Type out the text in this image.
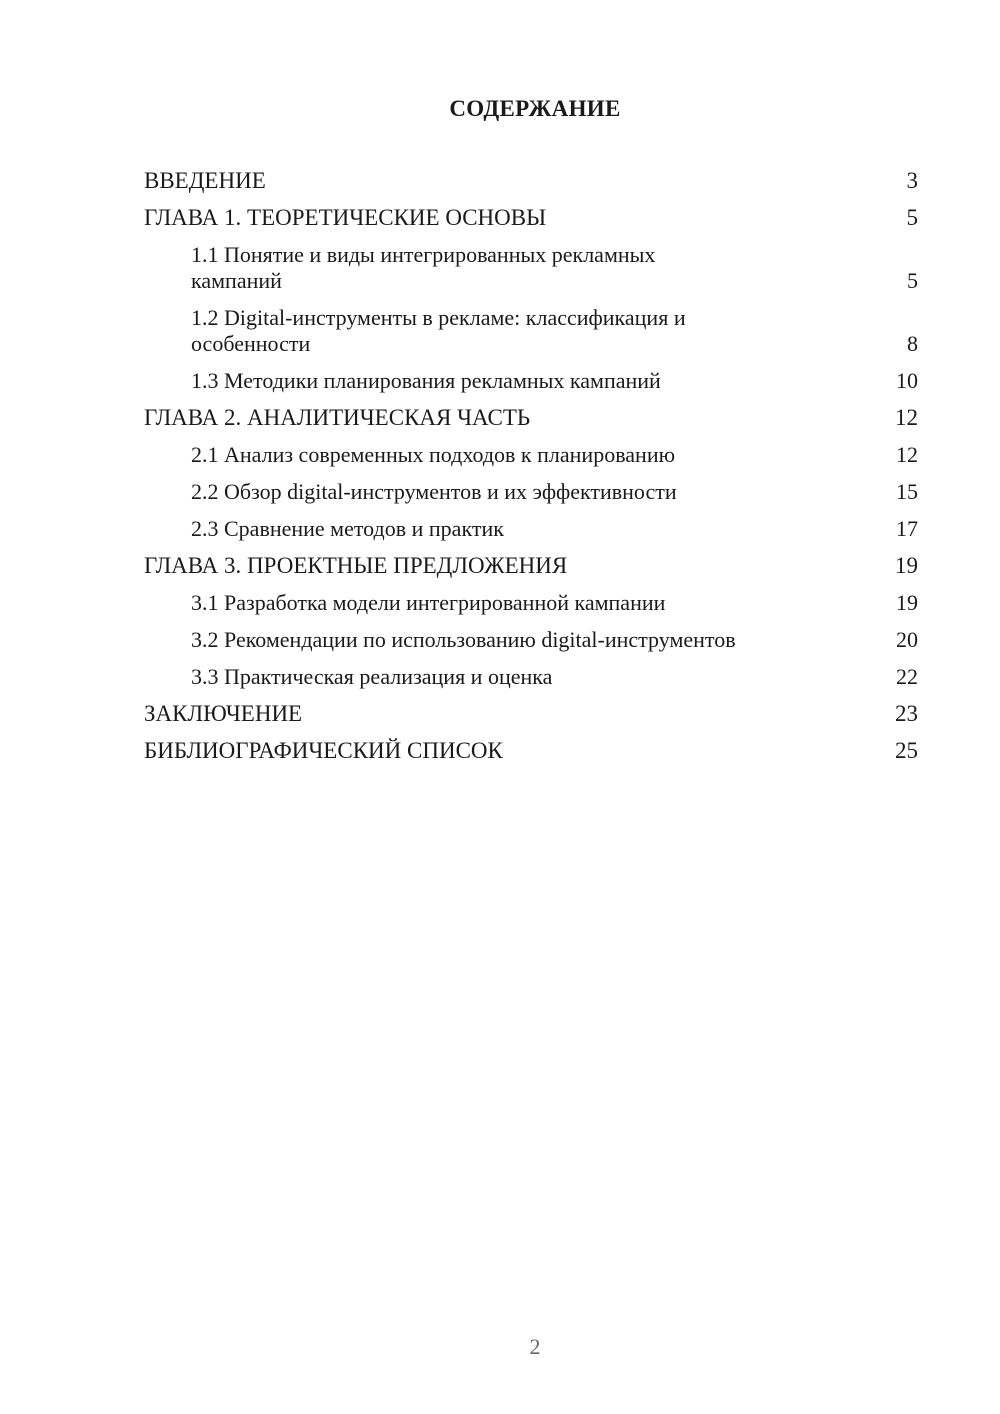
СОДЕРЖАНИЕ
ВВЕДЕНИЕ	3
ГЛАВА 1. ТЕОРЕТИЧЕСКИЕ ОСНОВЫ	5
1.1 Понятие и виды интегрированных рекламных кампаний	5
1.2 Digital-инструменты в рекламе: классификация и особенности	8
1.3 Методики планирования рекламных кампаний	10
ГЛАВА 2. АНАЛИТИЧЕСКАЯ ЧАСТЬ	12
2.1 Анализ современных подходов к планированию	12
2.2 Обзор digital-инструментов и их эффективности	15
2.3 Сравнение методов и практик	17
ГЛАВА 3. ПРОЕКТНЫЕ ПРЕДЛОЖЕНИЯ	19
3.1 Разработка модели интегрированной кампании	19
3.2 Рекомендации по использованию digital-инструментов	20
3.3 Практическая реализация и оценка	22
ЗАКЛЮЧЕНИЕ	23
БИБЛИОГРАФИЧЕСКИЙ СПИСОК	25
2
